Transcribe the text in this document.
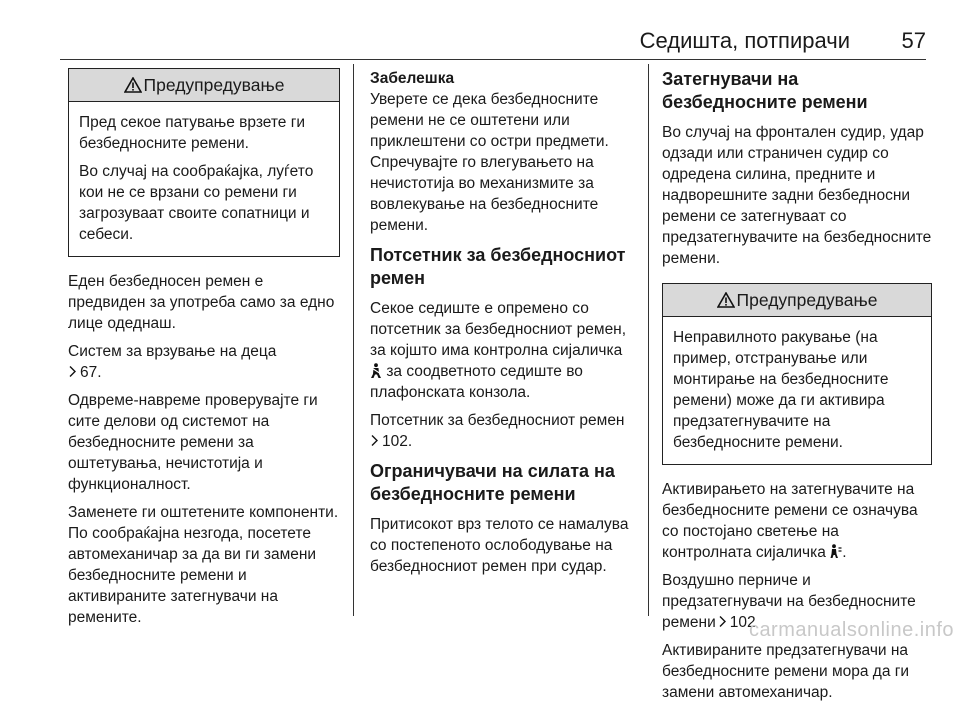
Седишта, потпирачи 57
Предупредување

Пред секое патување врзете ги безбедносните ремени.

Во случај на сообраќајка, луѓето кои не се врзани со ремени ги загрозуваат своите сопатници и себеси.

Еден безбедносен ремен е предвиден за употреба само за едно лице одеднаш.

Систем за врзување на деца
67.

Одвреме-навреме проверувајте ги сите делови од системот на безбедносните ремени за оштетувања, нечистотија и функционалност.

Заменете ги оштетените компоненти. По сообраќајна незгода, посетете автомеханичар за да ви ги замени безбедносните ремени и активираните затегнувачи на ремените.

Забелешка
Уверете се дека безбедносните ремени не се оштетени или приклештени со остри предмети. Спречувајте го влегувањето на нечистотија во механизмите за вовлекување на безбедносните ремени.

Потсетник за безбедносниот ремен

Секое седиште е опремено со потсетник за безбедносниот ремен, за којшто има контролна сијаличка  за соодветното седиште во плафонската конзола.

Потсетник за безбедносниот ремен
102.

Ограничувачи на силата на безбедносните ремени

Притисокот врз телото се намалува со постепеното ослободување на безбедносниот ремен при судар.

Затегнувачи на безбедносните ремени

Во случај на фронтален судир, удар одзади или страничен судир со одредена силина, предните и надворешните задни безбедносни ремени се затегнуваат со предзатегнувачите на безбедносните ремени.

Предупредување

Неправилното ракување (на пример, отстранување или монтирање на безбедносните ремени) може да ги активира предзатегнувачите на безбедносните ремени.

Активирањето на затегнувачите на безбедносните ремени се означува со постојано светење на контролната сијаличка .

Воздушно перниче и предзатегнувачи на безбедносните ремени 102

Активираните предзатегнувачи на безбедносните ремени мора да ги замени автомеханичар.

carmanualsonline.info
